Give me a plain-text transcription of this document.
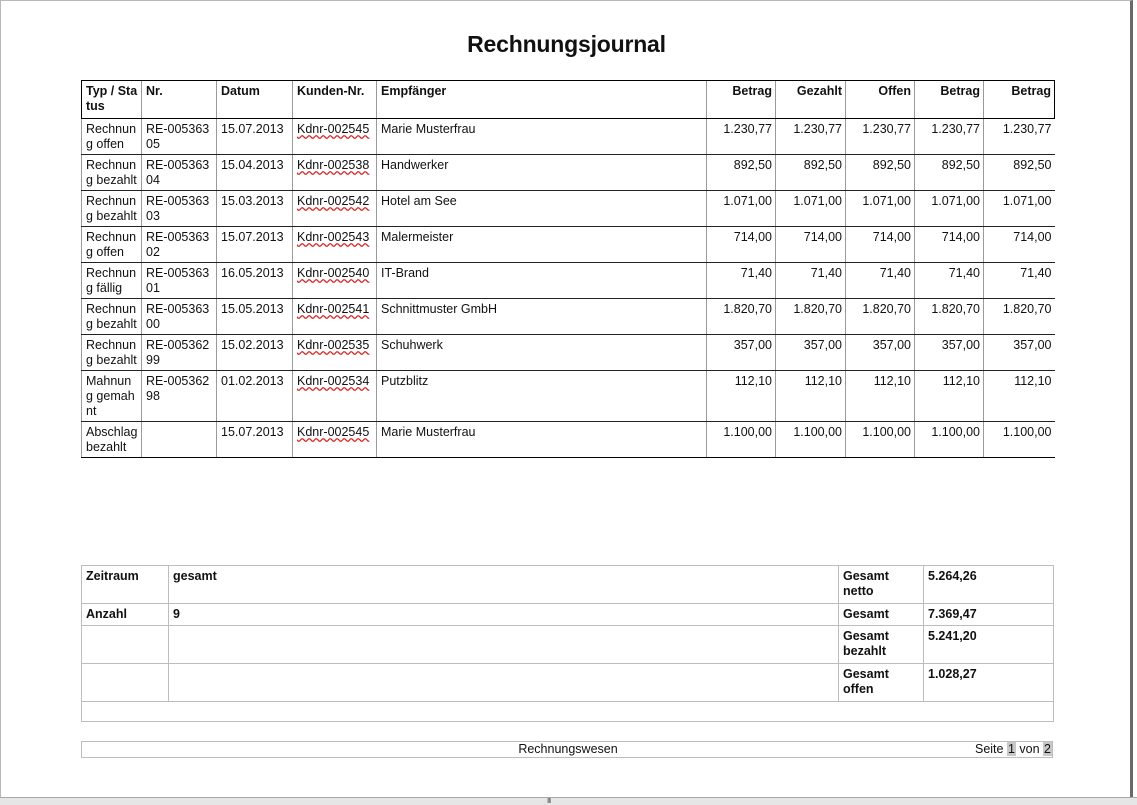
Rechnungsjournal
Typ / Status	Nr.	Datum	Kunden-Nr.	Empfänger	Betrag	Gezahlt	Offen	Betrag	Betrag
Rechnung offen	RE-00536305	15.07.2013	Kdnr-002545	Marie Musterfrau	1.230,77	1.230,77	1.230,77	1.230,77	1.230,77
Rechnung bezahlt	RE-00536304	15.04.2013	Kdnr-002538	Handwerker	892,50	892,50	892,50	892,50	892,50
Rechnung bezahlt	RE-00536303	15.03.2013	Kdnr-002542	Hotel am See	1.071,00	1.071,00	1.071,00	1.071,00	1.071,00
Rechnung offen	RE-00536302	15.07.2013	Kdnr-002543	Malermeister	714,00	714,00	714,00	714,00	714,00
Rechnung fällig	RE-00536301	16.05.2013	Kdnr-002540	IT-Brand	71,40	71,40	71,40	71,40	71,40
Rechnung bezahlt	RE-00536300	15.05.2013	Kdnr-002541	Schnittmuster GmbH	1.820,70	1.820,70	1.820,70	1.820,70	1.820,70
Rechnung bezahlt	RE-00536299	15.02.2013	Kdnr-002535	Schuhwerk	357,00	357,00	357,00	357,00	357,00
Mahnung gemahnt	RE-00536298	01.02.2013	Kdnr-002534	Putzblitz	112,10	112,10	112,10	112,10	112,10
Abschlag bezahlt		15.07.2013	Kdnr-002545	Marie Musterfrau	1.100,00	1.100,00	1.100,00	1.100,00	1.100,00
Zeitraum	gesamt	Gesamt netto	5.264,26
Anzahl	9	Gesamt	7.369,47
		Gesamt bezahlt	5.241,20
		Gesamt offen	1.028,27

Rechnungswesen	Seite 1 von 2
III
